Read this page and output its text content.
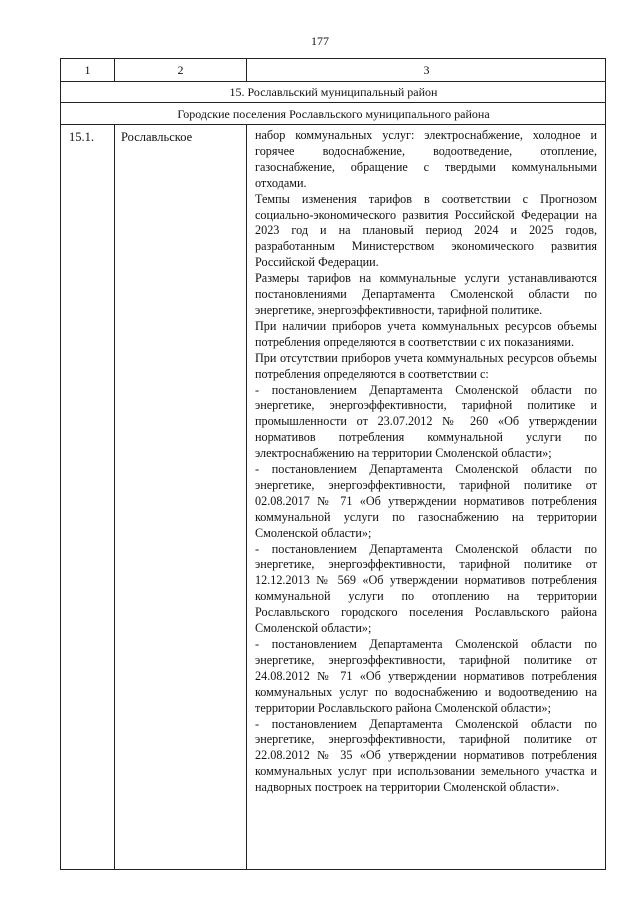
177
1	2	3
15. Рославльский муниципальный район
Городские поселения Рославльского муниципального района
15.1. Рославльское	набор коммунальных услуг: электроснабжение, холодное и горячее водоснабжение, водоотведение, отопление, газоснабжение, обращение с твердыми коммунальными отходами.

Темпы изменения тарифов в соответствии с Прогнозом социально-экономического развития Российской Федерации на 2023 год и на плановый период 2024 и 2025 годов, разработанным Министерством экономического развития Российской Федерации.

Размеры тарифов на коммунальные услуги устанавливаются постановлениями Департамента Смоленской области по энергетике, энергоэффективности, тарифной политике.

При наличии приборов учета коммунальных ресурсов объемы потребления определяются в соответствии с их показаниями.

При отсутствии приборов учета коммунальных ресурсов объемы потребления определяются в соответствии с:

- постановлением Департамента Смоленской области по энергетике, энергоэффективности, тарифной политике и промышленности от 23.07.2012 № 260 «Об утверждении нормативов потребления коммунальной услуги по электроснабжению на территории Смоленской области»;

- постановлением Департамента Смоленской области по энергетике, энергоэффективности, тарифной политике от 02.08.2017 № 71 «Об утверждении нормативов потребления коммунальной услуги по газоснабжению на территории Смоленской области»;

- постановлением Департамента Смоленской области по энергетике, энергоэффективности, тарифной политике от 12.12.2013 № 569 «Об утверждении нормативов потребления коммунальной услуги по отоплению на территории Рославльского городского поселения Рославльского района Смоленской области»;

- постановлением Департамента Смоленской области по энергетике, энергоэффективности, тарифной политике от 24.08.2012 № 71 «Об утверждении нормативов потребления коммунальных услуг по водоснабжению и водоотведению на территории Рославльского района Смоленской области»;

- постановлением Департамента Смоленской области по энергетике, энергоэффективности, тарифной политике от 22.08.2012 № 35 «Об утверждении нормативов потребления коммунальных услуг при использовании земельного участка и надворных построек на территории Смоленской области».
